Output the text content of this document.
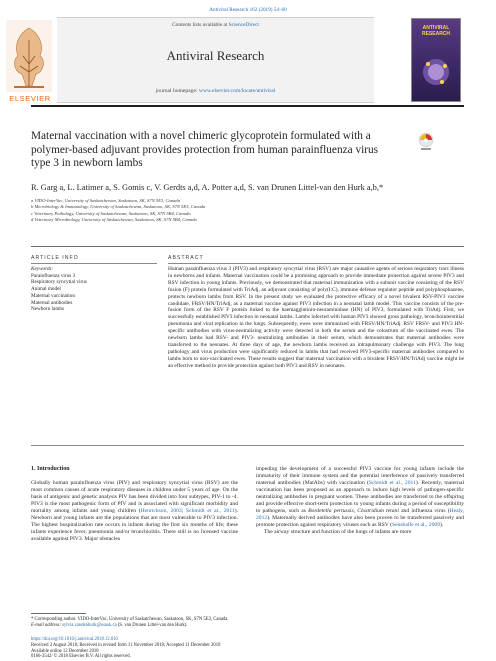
Antiviral Research 162 (2019) 54–60
Contents lists available at ScienceDirect
Antiviral Research
journal homepage: www.elsevier.com/locate/antiviral
ELSEVIER
ANTIVIRAL RESEARCH
Maternal vaccination with a novel chimeric glycoprotein formulated with a polymer-based adjuvant provides protection from human parainfluenza virus type 3 in newborn lambs
R. Garg a, L. Latimer a, S. Gomis c, V. Gerdts a,d, A. Potter a,d, S. van Drunen Littel-van den Hurk a,b,*
a VIDO-InterVac, University of Saskatchewan, Saskatoon, SK, S7N 5E3, Canada
b Microbiology & Immunology, University of Saskatchewan, Saskatoon, SK, S7N 5E5, Canada
c Veterinary Pathology, University of Saskatchewan, Saskatoon, SK, S7N 5B4, Canada
d Veterinary Microbiology, University of Saskatchewan, Saskatoon, SK, S7N 5B4, Canada
ARTICLE INFO
Keywords:
Parainfluenza virus 3
Respiratory syncytial virus
Animal model
Maternal vaccination
Maternal antibodies
Newborn lambs
ABSTRACT
Human parainfluenza virus 3 (PIV3) and respiratory syncytial virus (RSV) are major causative agents of serious respiratory tract illness in newborns and infants. Maternal vaccination could be a promising approach to provide immediate protection against severe PIV3 and RSV infection in young infants. Previously, we demonstrated that maternal immunization with a subunit vaccine consisting of the RSV fusion (F) protein formulated with TriAdj, an adjuvant consisting of poly(I:C), immune defense regulator peptide and polyphosphazene, protects newborn lambs from RSV. In the present study we evaluated the protective efficacy of a novel bivalent RSV-PIV3 vaccine candidate, FRSV/HN/TriAdj, as a maternal vaccine against PIV3 infection in a neonatal lamb model. This vaccine consists of the pre-fusion form of the RSV F protein linked to the haemagglutinin-neuraminidase (HN) of PIV3, formulated with TriAdj. First, we successfully established PIV3 infection in neonatal lambs. Lambs infected with human PIV3 showed gross pathology, bronchointerstitial pneumonia and viral replication in the lungs. Subsequently, ewes were immunized with FRSV/HN/TriAdj. RSV FRSV- and PIV3 HN-specific antibodies with virus-neutralizing activity were detected in both the serum and the colostrum of the vaccinated ewes. The newborn lambs had RSV- and PIV3- neutralizing antibodies in their serum, which demonstrates that maternal antibodies were transferred to the neonates. At three days of age, the newborn lambs received an intrapulmonary challenge with PIV3. The lung pathology and virus production were significantly reduced in lambs that had received PIV3-specific maternal antibodies compared to lambs born to non-vaccinated ewes. These results suggest that maternal vaccination with a bivalent FRSV/HN/TriAdj vaccine might be an effective method to provide protection against both PIV3 and RSV in neonates.
1. Introduction
Globally human parainfluenza virus (PIV) and respiratory syncytial virus (RSV) are the most common causes of acute respiratory diseases in children under 5 years of age. On the basis of antigenic and genetic analysis PIV has been divided into four subtypes, PIV-1 to -4. PIV3 is the most pathogenic form of PIV and is associated with significant morbidity and mortality among infants and young children (Henrickson, 2003; Schmidt et al., 2011). Newborn and young infants are the populations that are most vulnerable to PIV3 infection. The highest hospitalization rate occurs in infants during the first six months of life; these infants experience fever, pneumonia and/or bronchiolitis. There still is no licensed vaccine available against PIV3. Major obstacles
impeding the development of a successful PIV3 vaccine for young infants include the immaturity of their immune system and the potential interference of passively transferred maternal antibodies (MatAbs) with vaccination (Schmidt et al., 2011). Recently, maternal vaccination has been proposed as an approach to induce high levels of pathogen-specific neutralizing antibodies in pregnant women. These antibodies are transferred to the offspring and provide effective short-term protection to young infants during a period of susceptibility to pathogens, such as Bordetella pertussis, Clostridium tetani and influenza virus (Healy, 2012). Maternally derived antibodies have also been proven to be transferred passively and promote protection against respiratory viruses such as RSV (Sensbalfe et al., 2009).
The airway structure and function of the lungs of infants are more
* Corresponding author. VIDO-InterVac, University of Saskatchewan, Saskatoon, SK, S7N 5E3, Canada.
E-mail address: sylvia.vandenhurk@usask.ca (S. van Drunen Littel-van den Hurk).
https://doi.org/10.1016/j.antiviral.2018.12.010
Received 3 August 2018; Received in revised form 11 November 2018; Accepted 11 December 2018
Available online 12 December 2018
0166-3542/ © 2018 Elsevier B.V. All rights reserved.
